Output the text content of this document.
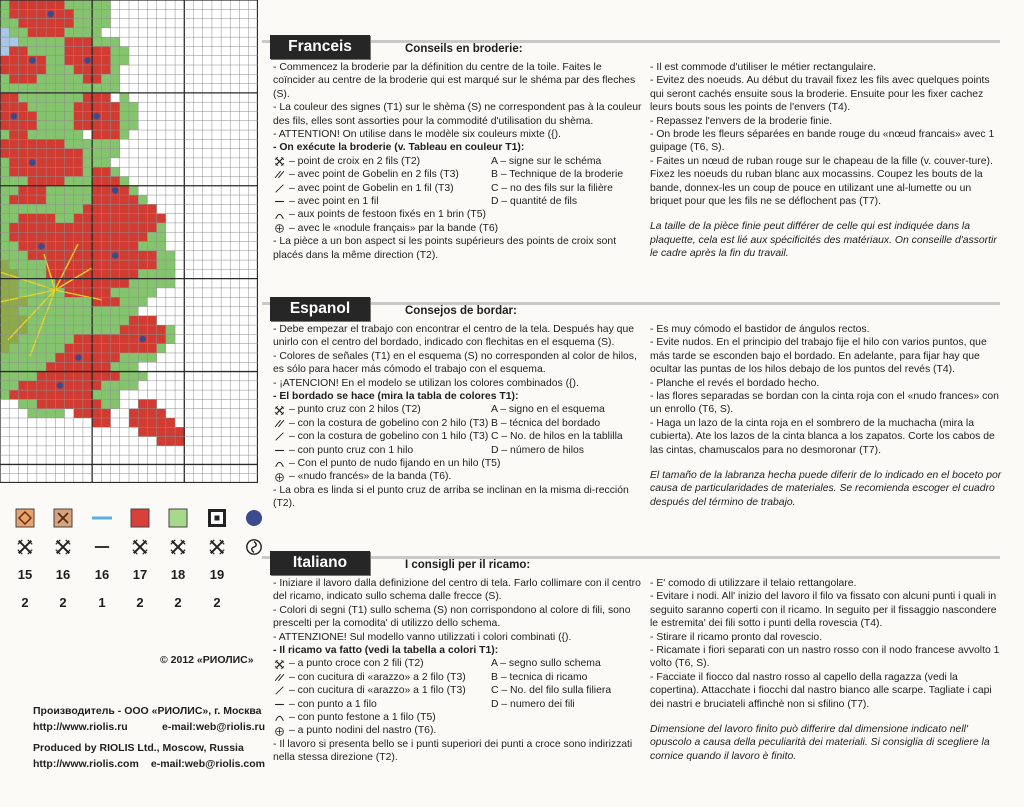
15	16	16	17	18	19
2	2	1	2	2	2
© 2012 «РИОЛИС»
Производитель - ООО «РИОЛИС», г. Москва
http://www.riolis.ru	e-mail:web@riolis.ru
Produced by RIOLIS Ltd., Moscow, Russia
http://www.riolis.com e-mail:web@riolis.com
Franceis	Conseils en broderie:

- Commencez la broderie par la définition du centre de la toile. Faites le coïncider au centre de la broderie qui est marqué sur le shéma par des fleches (S).

- La couleur des signes (T1) sur le shèma (S) ne correspondent pas à la couleur des fils, elles sont assorties pour la commodité d'utilisation du shèma.

- ATTENTION! On utilise dans le modèle six couleurs mixte ({).

- On exécute la broderie (v. Tableau en couleur T1):

– point de croix en 2 fils (T2)	A – signe sur le schéma
– avec point de Gobelin en 2 fils (T3)	B – Technique de la broderie
– avec point de Gobelin en 1 fil (T3)	C – no des fils sur la filière
– avec point en 1 fil	D – quantité de fils
– aux points de festoon fixés en 1 brin (T5)
– avec le «nodule français» par la bande (T6)

- La pièce a un bon aspect si les points supérieurs des points de croix sont placés dans la même direction (T2).

- Il est commode d'utiliser le métier rectangulaire.

- Evitez des noeuds. Au début du travail fixez les fils avec quelques points qui seront cachés ensuite sous la broderie. Ensuite pour les fixer cachez leurs bouts sous les points de l'envers (T4).

- Repassez l'envers de la broderie finie.

- On brode les fleurs séparées en bande rouge du «nœud francais» avec 1 guipage (T6, S).

- Faites un nœud de ruban rouge sur le chapeau de la fille (v. couver-ture). Fixez les noeuds du ruban blanc aux mocassins. Coupez les bouts de la bande, donnex-les un coup de pouce en utilizant une al-lumette ou un briquet pour que les fils ne se déflochent pas (T7).

La taille de la pièce finie peut différer de celle qui est indiquée dans la plaquette, cela est lié aux spécificités des matériaux. On conseille d'assortir le cadre après la fin du travail.

Espanol	Consejos de bordar:

- Debe empezar el trabajo con encontrar el centro de la tela. Después hay que unirlo con el centro del bordado, indicado con flechitas en el esquema (S).

- Colores de señales (T1) en el esquema (S) no corresponden al color de hilos, es sólo para hacer más cómodo el trabajo con el esquema.

- ¡ATENCION! En el modelo se utilizan los colores combinados ({).

- El bordado se hace (mira la tabla de colores T1):

– punto cruz con 2 hilos (T2)	A – signo en el esquema
– con la costura de gobelino con 2 hilo (T3) B – técnica del bordado
– con la costura de gobelino con 1 hilo (T3) C – No. de hilos en la tablilla
– con punto cruz con 1 hilo	D – número de hilos
– Con el punto de nudo fijando en un hilo (T5)
– «nudo francés» de la banda (T6).

- La obra es linda si el punto cruz de arriba se inclinan en la misma di-rección (T2).

- Es muy cómodo el bastidor de ángulos rectos.

- Evite nudos. En el principio del trabajo fije el hilo con varios puntos, que más tarde se esconden bajo el bordado. En adelante, para fijar hay que ocultar las puntas de los hilos debajo de los puntos del revés (T4).

- Planche el revés el bordado hecho.

- las flores separadas se bordan con la cinta roja con el «nudo frances» con un enrollo (T6, S).

- Haga un lazo de la cinta roja en el sombrero de la muchacha (mira la cubierta). Ate los lazos de la cinta blanca a los zapatos. Corte los cabos de las cintas, chamuscalos para no desmoronar (T7).

El tamaño de la labranza hecha puede diferir de lo indicado en el boceto por causa de particularidades de materiales. Se recomienda escoger el cuadro después del término de trabajo.

Italiano	I consigli per il ricamo:

- Iniziare il lavoro dalla definizione del centro di tela. Farlo collimare con il centro del ricamo, indicato sullo schema dalle frecce (S).

- Colori di segni (T1) sullo schema (S) non corrispondono al colore di fili, sono prescelti per la comodita' di utilizzo dello schema.

- ATTENZIONE! Sul modello vanno utilizzati i colori combinati ({).

- Il ricamo va fatto (vedi la tabella a colori T1):

– a punto croce con 2 fili (T2)	A – segno sullo schema
– con cucitura di «arazzo» a 2 filo (T3)	B – tecnica di ricamo
– con cucitura di «arazzo» a 1 filo (T3)	C – No. del filo sulla filiera
– con punto a 1 filo	D – numero dei fili
– con punto festone a 1 filo (T5)
– a punto nodini del nastro (T6).

- Il lavoro si presenta bello se i punti superiori dei punti a croce sono indirizzati nella stessa direzione (T2).

- E' comodo di utilizzare il telaio rettangolare.

- Evitare i nodi. All' inizio del lavoro il filo va fissato con alcuni punti i quali in seguito saranno coperti con il ricamo. In seguito per il fissaggio nascondere le estremita' dei fili sotto i punti della rovescia (T4).

- Stirare il ricamo pronto dal rovescio.

- Ricamate i fiori separati con un nastro rosso con il nodo francese avvolto 1 volto (T6, S).

- Facciate il fiocco dal nastro rosso al capello della ragazza (vedi la copertina). Attacchate i fiocchi dal nastro bianco alle scarpe. Tagliate i capi dei nastri e bruciateli affinchè non si sfilino (T7).

Dimensione del lavoro finito può differire dal dimensione indicato nell' opuscolo a causa della peculiarità dei materiali. Si consiglia di scegliere la cornice quando il lavoro è finito.
